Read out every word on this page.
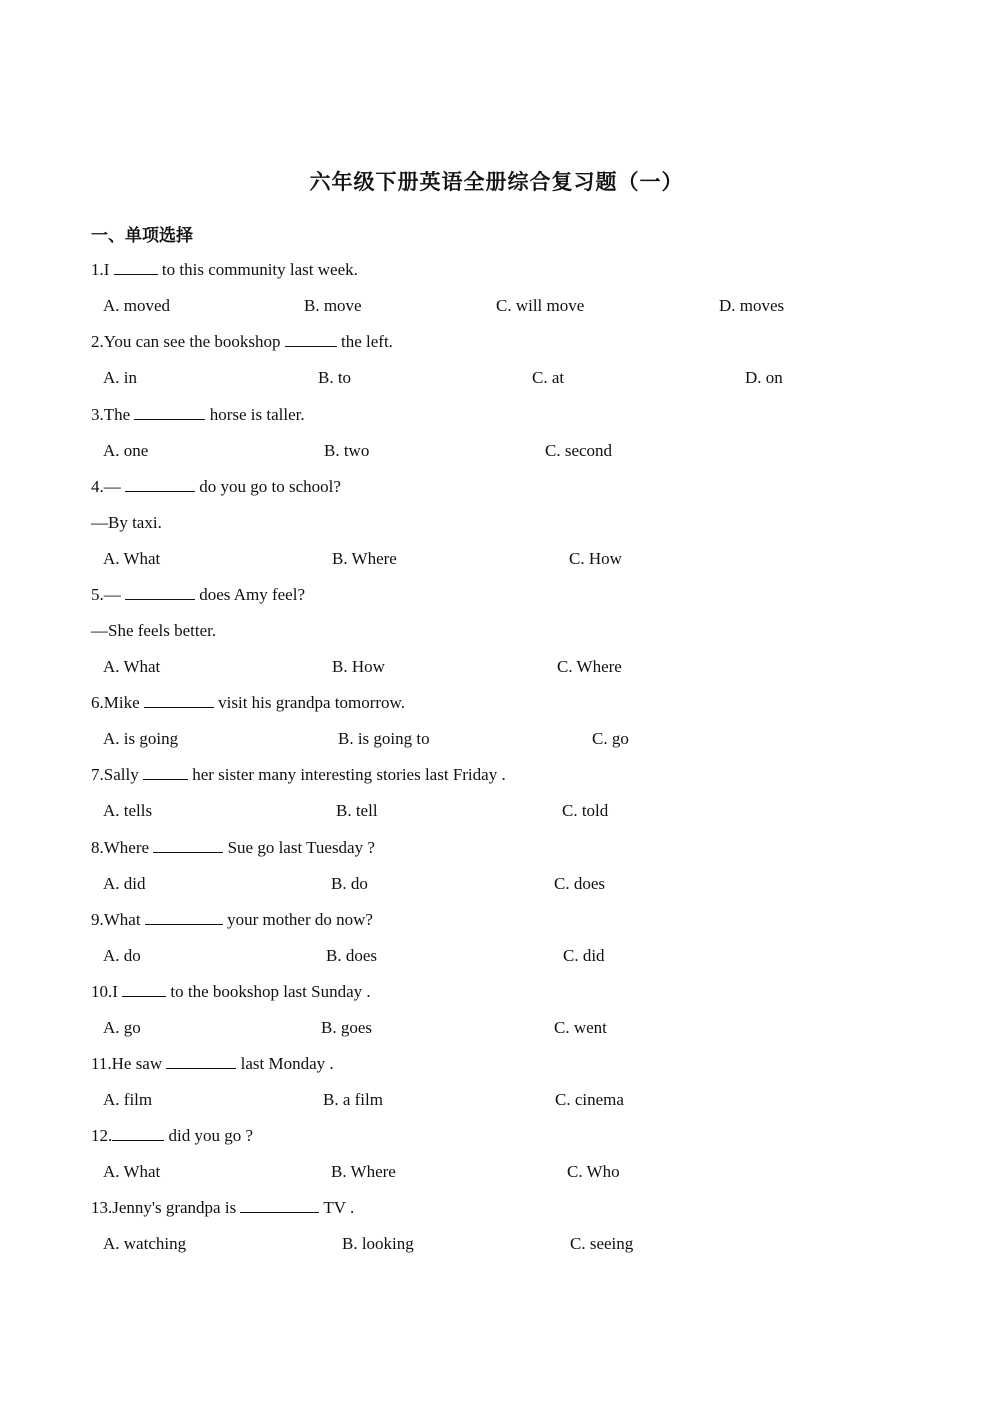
六年级下册英语全册综合复习题（一）
一、单项选择
1.I	to this community last week.
A. moved	B. move	C. will move	D. moves
2.You can see the bookshop	the left.
A. in	B. to	C. at	D. on
3.The	horse is taller.
A. one	B. two	C. second
4.—	do you go to school?
—By taxi.
A. What	B. Where	C. How
5.—	does Amy feel?
—She feels better.
A. What	B. How	C. Where
6.Mike	visit his grandpa tomorrow.
A. is going	B. is going to	C. go
7.Sally	her sister many interesting stories last Friday .
A. tells	B. tell	C. told
8.Where	Sue go last Tuesday ?
A. did	B. do	C. does
9.What	your mother do now?
A. do	B. does	C. did
10.I	to the bookshop last Sunday .
A. go	B. goes	C. went
11.He saw	last Monday .
A. film	B. a film	C. cinema
12.	did you go ?
A. What	B. Where	C. Who
13.Jenny's grandpa is	TV .
A. watching	B. looking	C. seeing
